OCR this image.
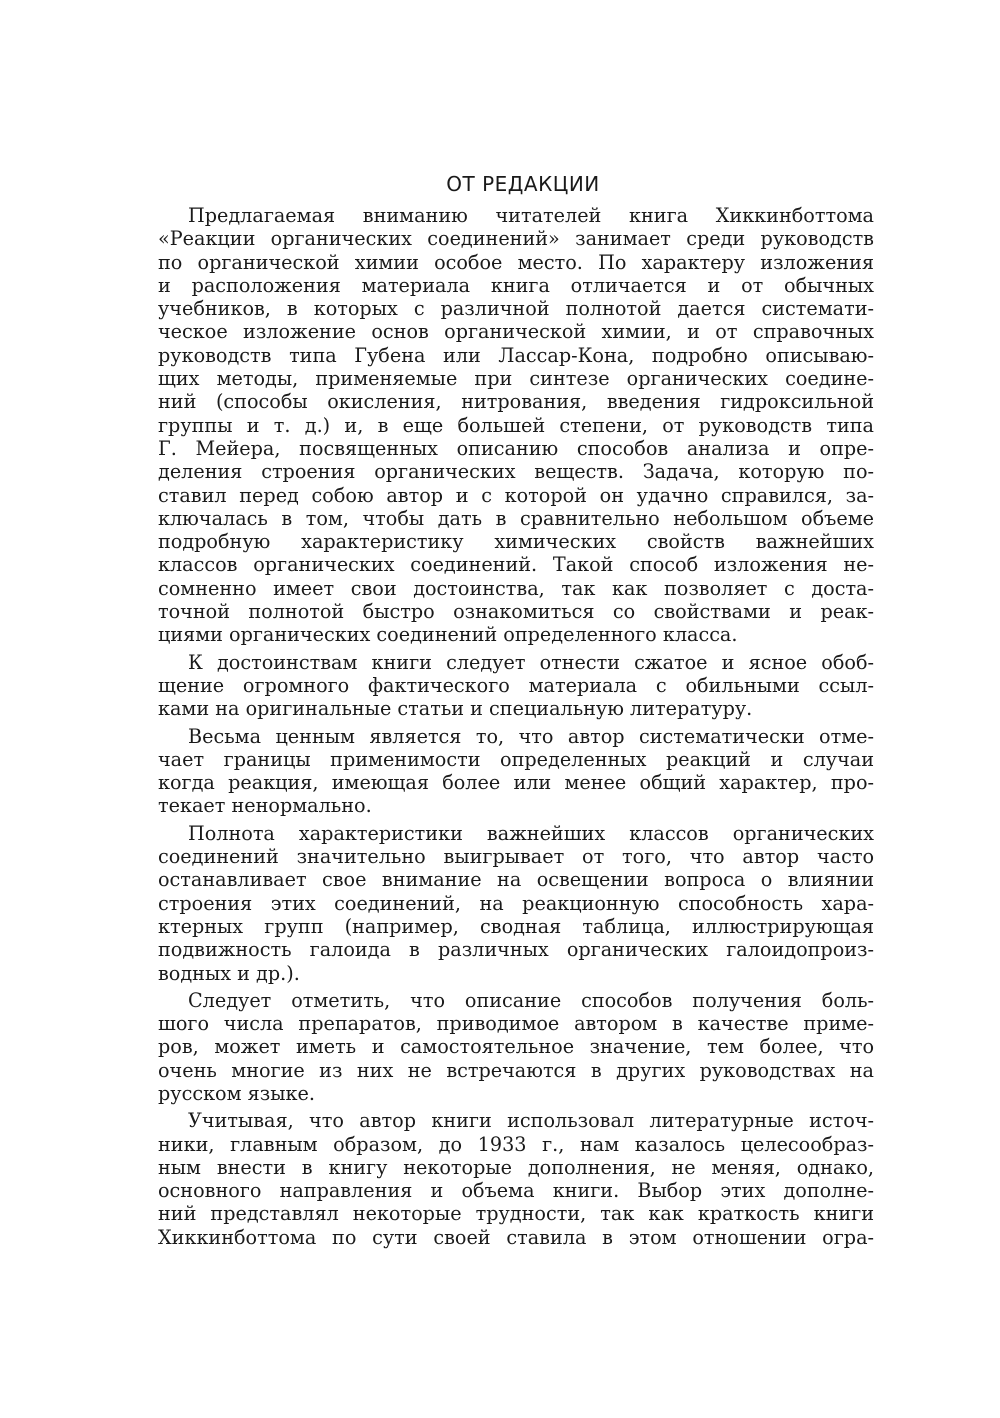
ОТ РЕДАКЦИИ
Предлагаемая вниманию читателей книга Хиккинботтома
«Реакции органических соединений» занимает среди руководств
по органической химии особое место. По характеру изложения
и расположения материала книга отличается и от обычных
учебников, в которых с различной полнотой дается системати-
ческое изложение основ органической химии, и от справочных
руководств типа Губена или Лассар-Кона, подробно описываю-
щих методы, применяемые при синтезе органических соедине-
ний (способы окисления, нитрования, введения гидроксильной
группы и т. д.) и, в еще большей степени, от руководств типа
Г. Мейера, посвященных описанию способов анализа и опре-
деления строения органических веществ. Задача, которую по-
ставил перед собою автор и с которой он удачно справился, за-
ключалась в том, чтобы дать в сравнительно небольшом объеме
подробную характеристику химических свойств важнейших
классов органических соединений. Такой способ изложения не-
сомненно имеет свои достоинства, так как позволяет с доста-
точной полнотой быстро ознакомиться со свойствами и реак-
циями органических соединений определенного класса.
К достоинствам книги следует отнести сжатое и ясное обоб-
щение огромного фактического материала с обильными ссыл-
ками на оригинальные статьи и специальную литературу.
Весьма ценным является то, что автор систематически отме-
чает границы применимости определенных реакций и случаи
когда реакция, имеющая более или менее общий характер, про-
текает ненормально.
Полнота характеристики важнейших классов органических
соединений значительно выигрывает от того, что автор часто
останавливает свое внимание на освещении вопроса о влиянии
строения этих соединений, на реакционную способность хара-
ктерных групп (например, сводная таблица, иллюстрирующая
подвижность галоида в различных органических галоидопроиз-
водных и др.).
Следует отметить, что описание способов получения боль-
шого числа препаратов, приводимое автором в качестве приме-
ров, может иметь и самостоятельное значение, тем более, что
очень многие из них не встречаются в других руководствах на
русском языке.
Учитывая, что автор книги использовал литературные источ-
ники, главным образом, до 1933 г., нам казалось целесообраз-
ным внести в книгу некоторые дополнения, не меняя, однако,
основного направления и объема книги. Выбор этих дополне-
ний представлял некоторые трудности, так как краткость книги
Хиккинботтома по сути своей ставила в этом отношении огра-
